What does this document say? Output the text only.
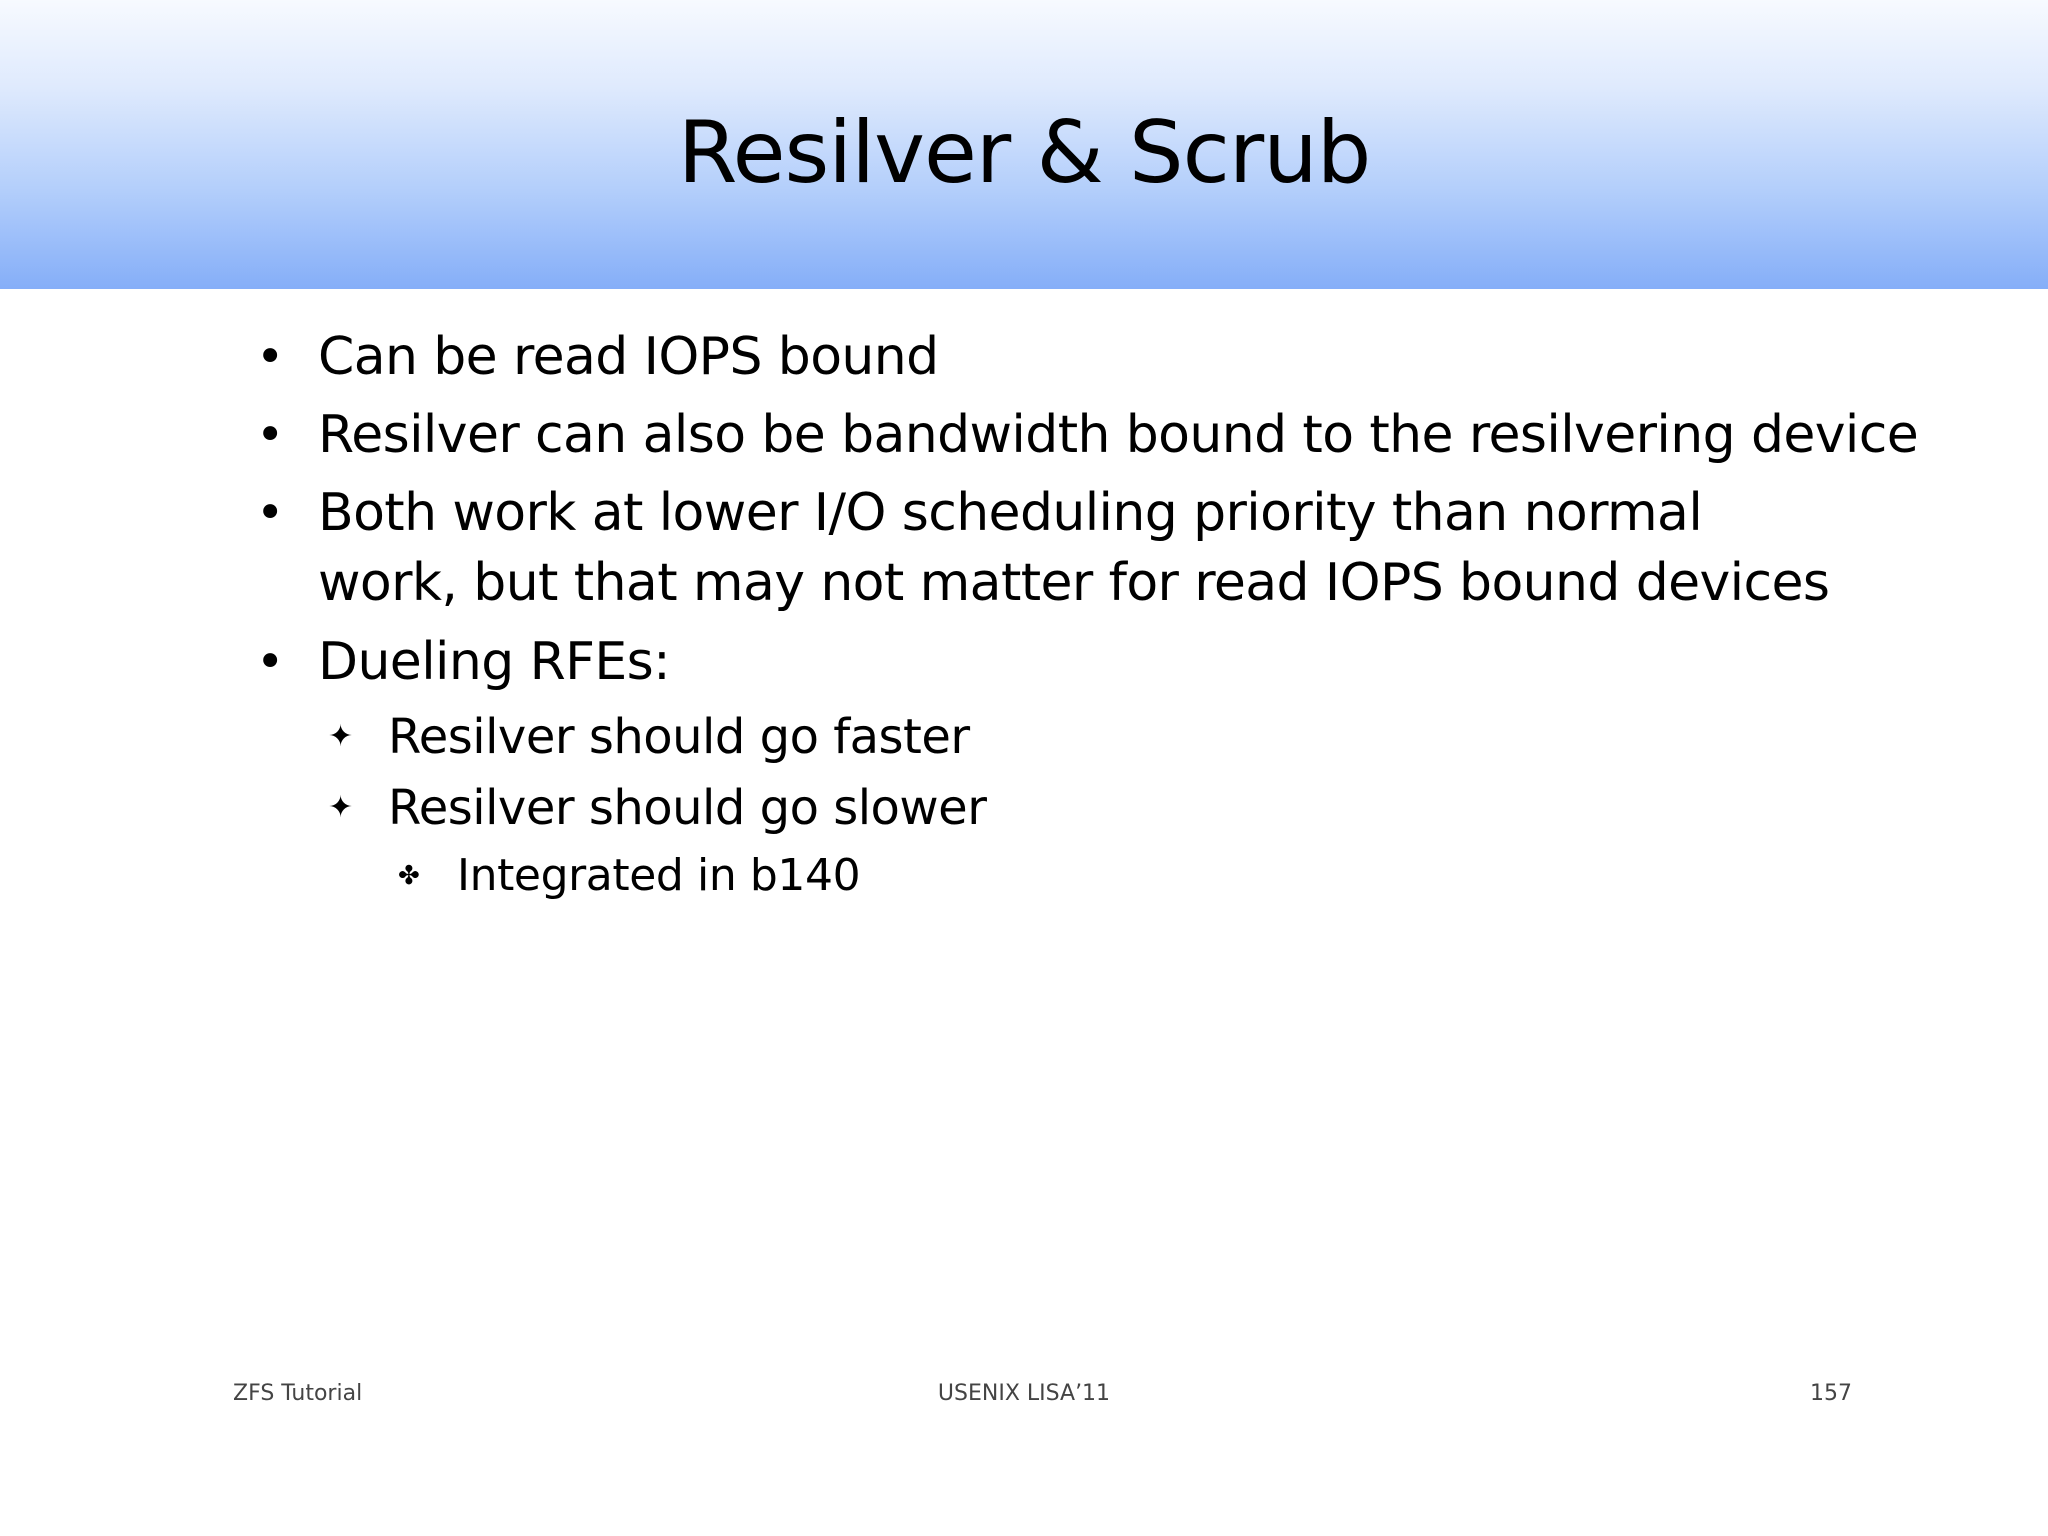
Resilver & Scrub
• Can be read IOPS bound
• Resilver can also be bandwidth bound to the resilvering device
• Both work at lower I/O scheduling priority than normal
work, but that may not matter for read IOPS bound devices
• Dueling RFEs:
✦ Resilver should go faster
✦ Resilver should go slower
✤ Integrated in b140
ZFS Tutorial	USENIX LISA’11	157
